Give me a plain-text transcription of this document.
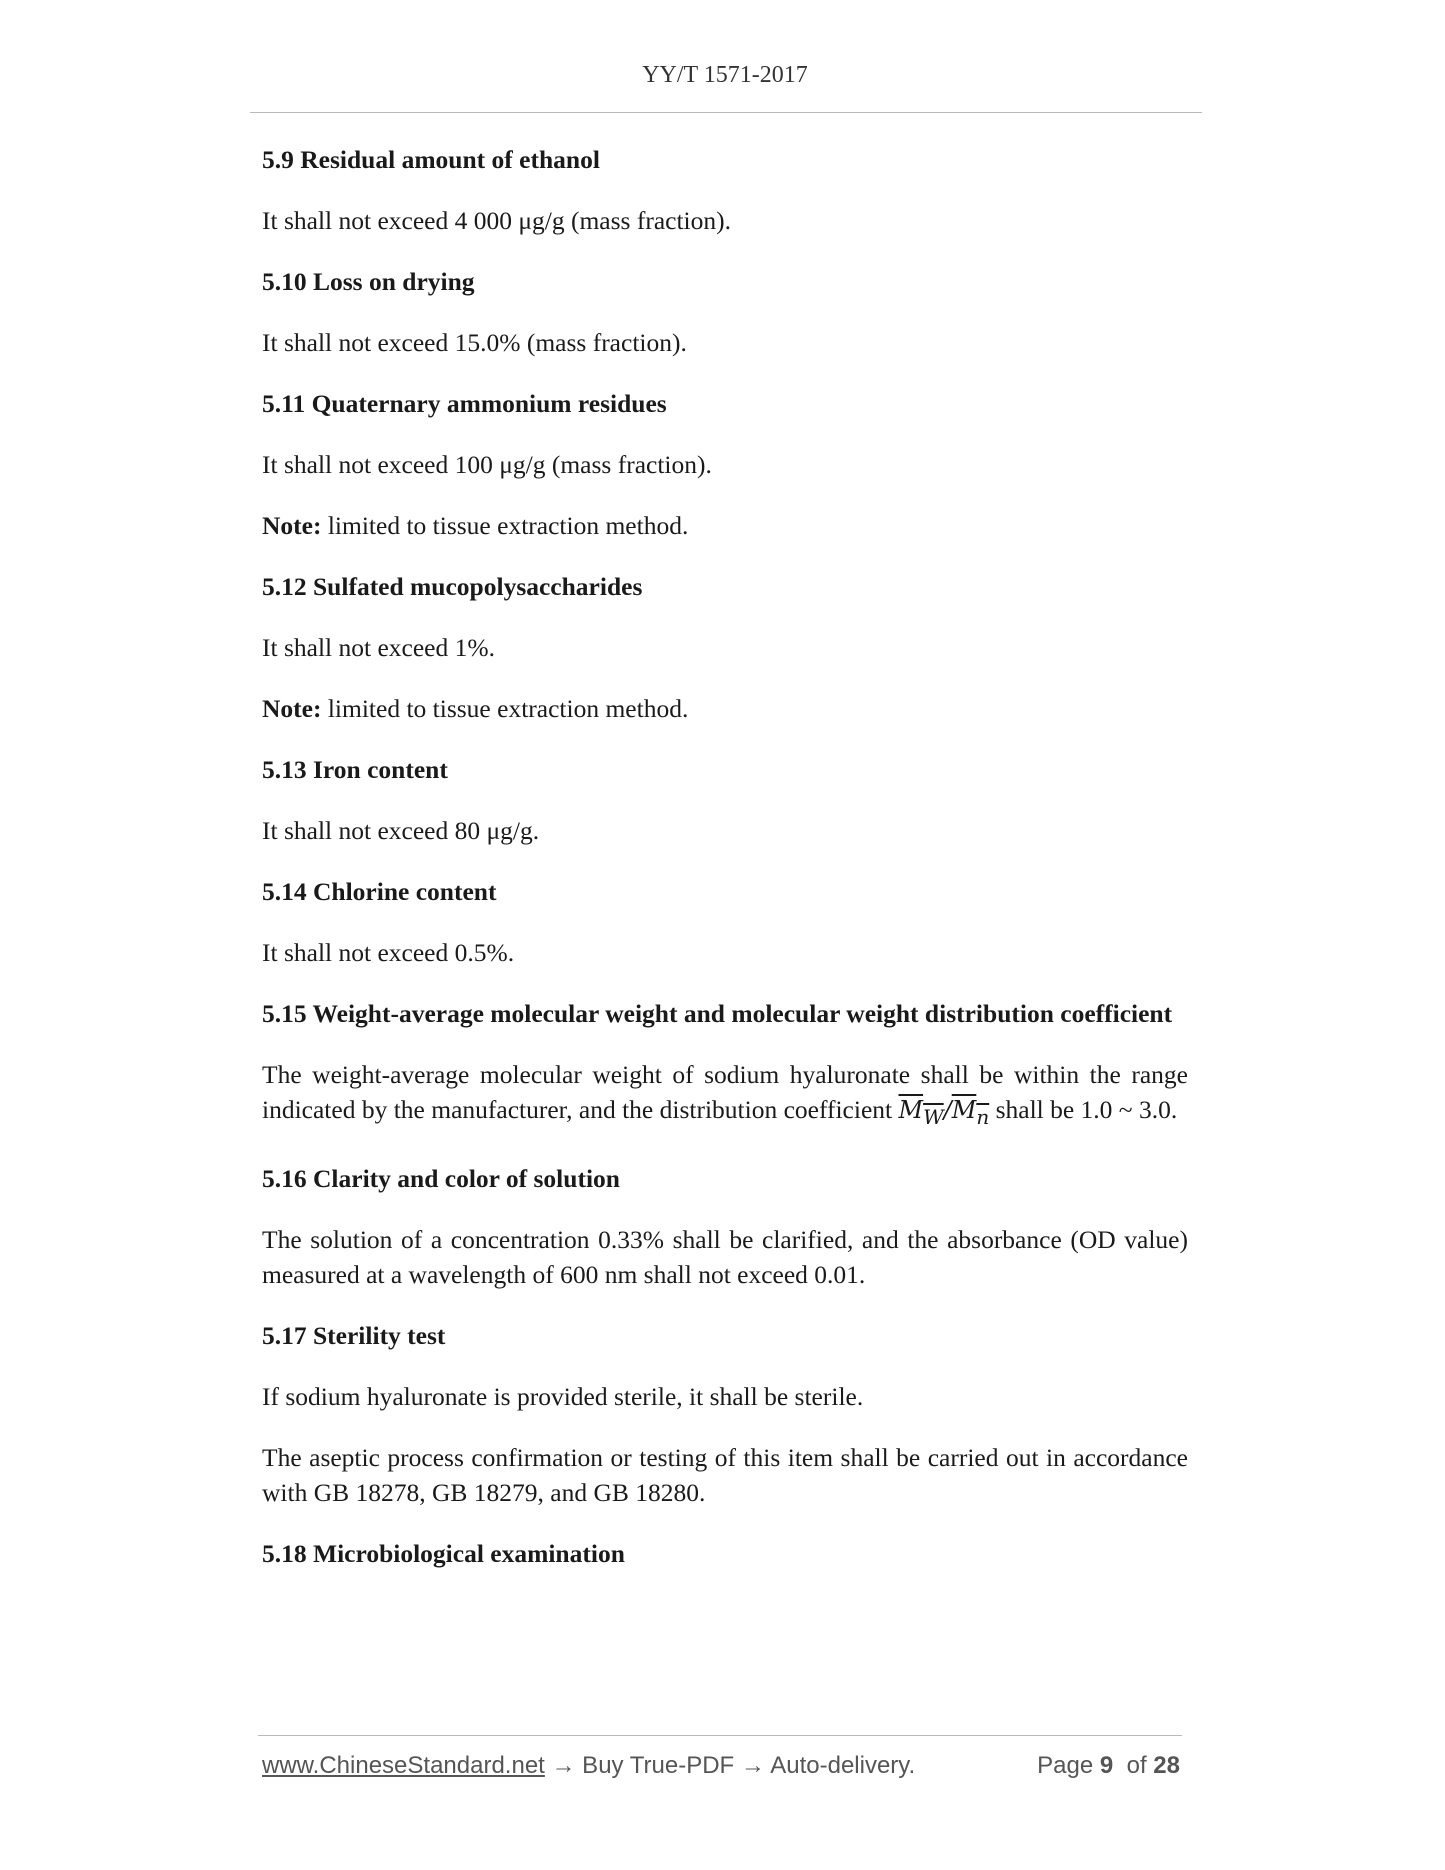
YY/T 1571-2017
5.9 Residual amount of ethanol

It shall not exceed 4 000 μg/g (mass fraction).

5.10 Loss on drying

It shall not exceed 15.0% (mass fraction).

5.11 Quaternary ammonium residues

It shall not exceed 100 μg/g (mass fraction).

Note: limited to tissue extraction method.

5.12 Sulfated mucopolysaccharides

It shall not exceed 1%.

Note: limited to tissue extraction method.

5.13 Iron content

It shall not exceed 80 μg/g.

5.14 Chlorine content

It shall not exceed 0.5%.

5.15 Weight-average molecular weight and molecular weight distribution coefficient

The weight-average molecular weight of sodium hyaluronate shall be within the range indicated by the manufacturer, and the distribution coefficient $M_W/M_n$ shall be 1.0 ~ 3.0.

5.16 Clarity and color of solution

The solution of a concentration 0.33% shall be clarified, and the absorbance (OD value) measured at a wavelength of 600 nm shall not exceed 0.01.

5.17 Sterility test

If sodium hyaluronate is provided sterile, it shall be sterile.

The aseptic process confirmation or testing of this item shall be carried out in accordance with GB 18278, GB 18279, and GB 18280.

5.18 Microbiological examination
www.ChineseStandard.net → Buy True-PDF → Auto-delivery.	Page 9 of 28
